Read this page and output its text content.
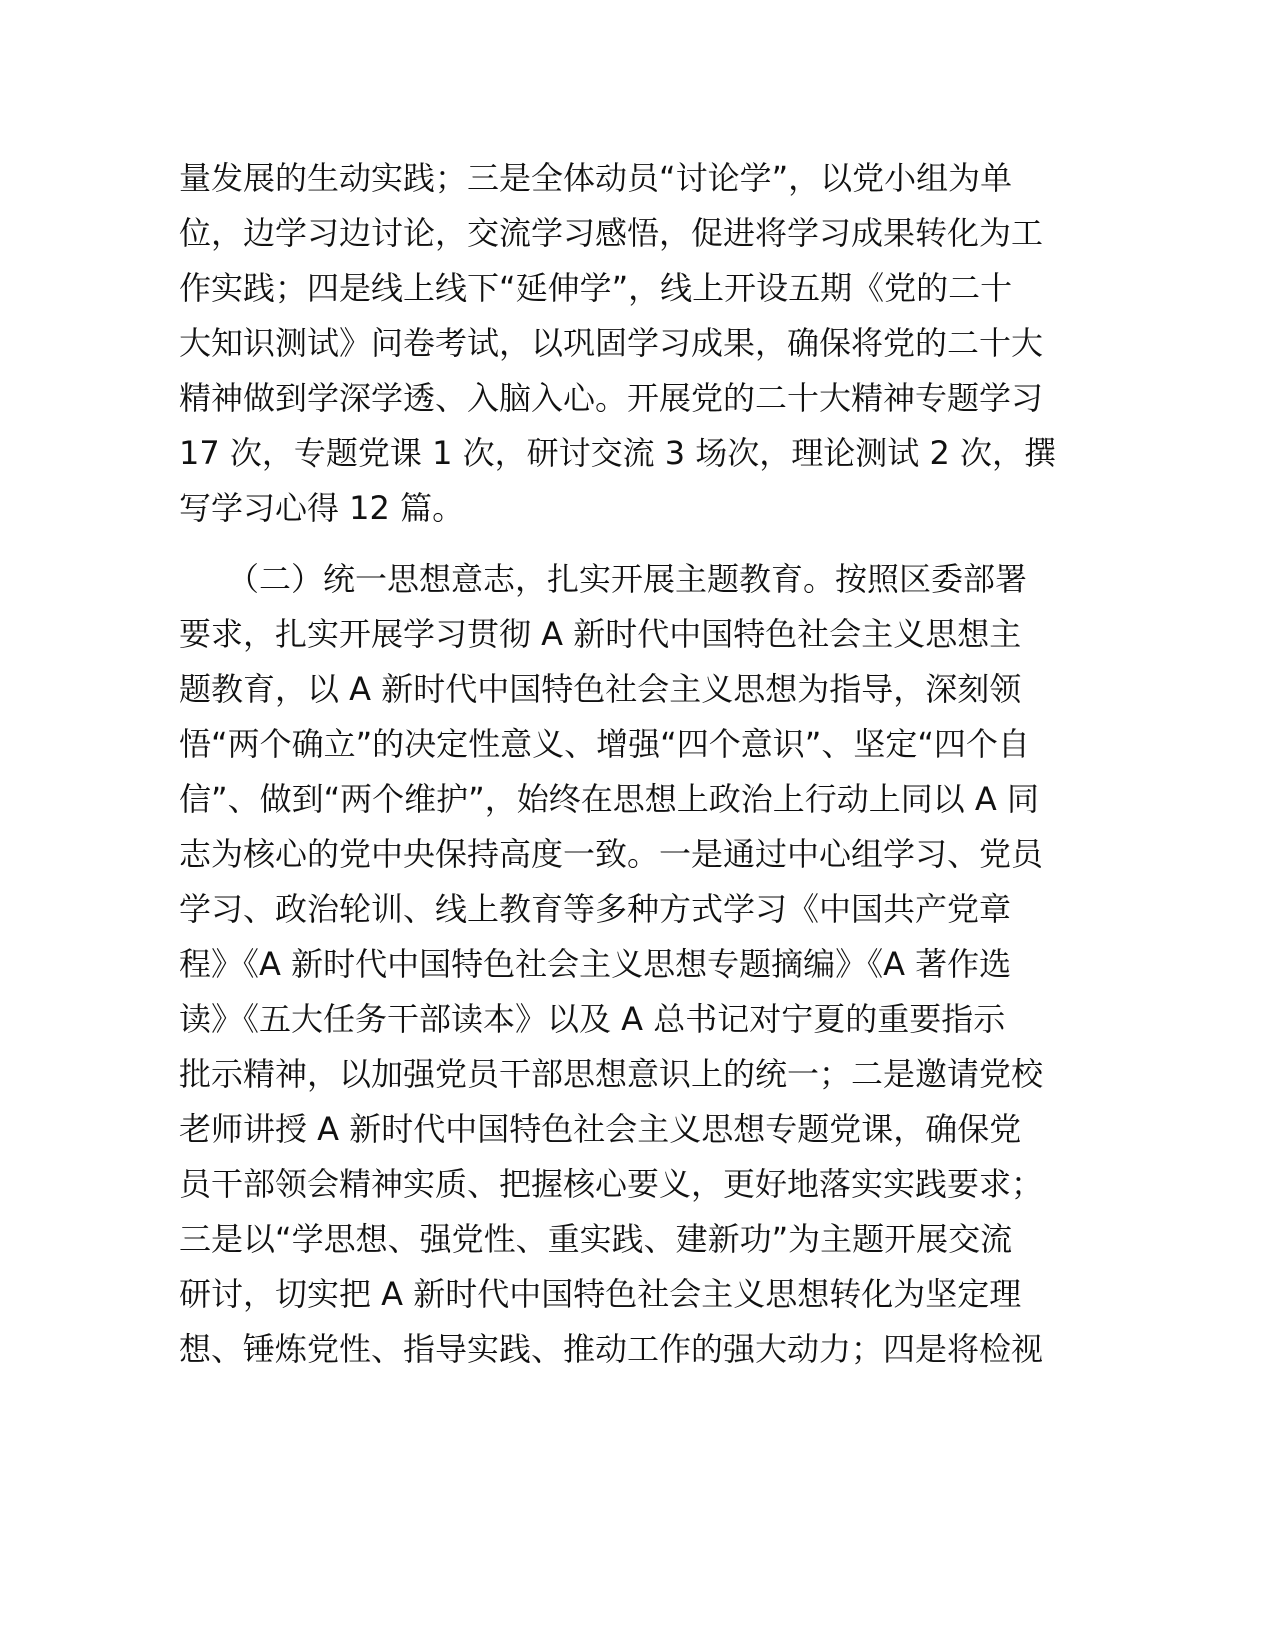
量发展的生动实践；三是全体动员“讨论学”，以党小组为单
位，边学习边讨论，交流学习感悟，促进将学习成果转化为工
作实践；四是线上线下“延伸学”，线上开设五期《党的二十
大知识测试》问卷考试，以巩固学习成果，确保将党的二十大
精神做到学深学透、入脑入心。开展党的二十大精神专题学习
17 次，专题党课 1 次，研讨交流 3 场次，理论测试 2 次，撰
写学习心得 12 篇。
　　（二）统一思想意志，扎实开展主题教育。按照区委部署
要求，扎实开展学习贯彻 A 新时代中国特色社会主义思想主
题教育，以 A 新时代中国特色社会主义思想为指导，深刻领
悟“两个确立”的决定性意义、增强“四个意识”、坚定“四个自
信”、做到“两个维护”，始终在思想上政治上行动上同以 A 同
志为核心的党中央保持高度一致。一是通过中心组学习、党员
学习、政治轮训、线上教育等多种方式学习《中国共产党章
程》《A 新时代中国特色社会主义思想专题摘编》《A 著作选
读》《五大任务干部读本》以及 A 总书记对宁夏的重要指示
批示精神，以加强党员干部思想意识上的统一；二是邀请党校
老师讲授 A 新时代中国特色社会主义思想专题党课，确保党
员干部领会精神实质、把握核心要义，更好地落实实践要求；
三是以“学思想、强党性、重实践、建新功”为主题开展交流
研讨，切实把 A 新时代中国特色社会主义思想转化为坚定理
想、锤炼党性、指导实践、推动工作的强大动力；四是将检视
